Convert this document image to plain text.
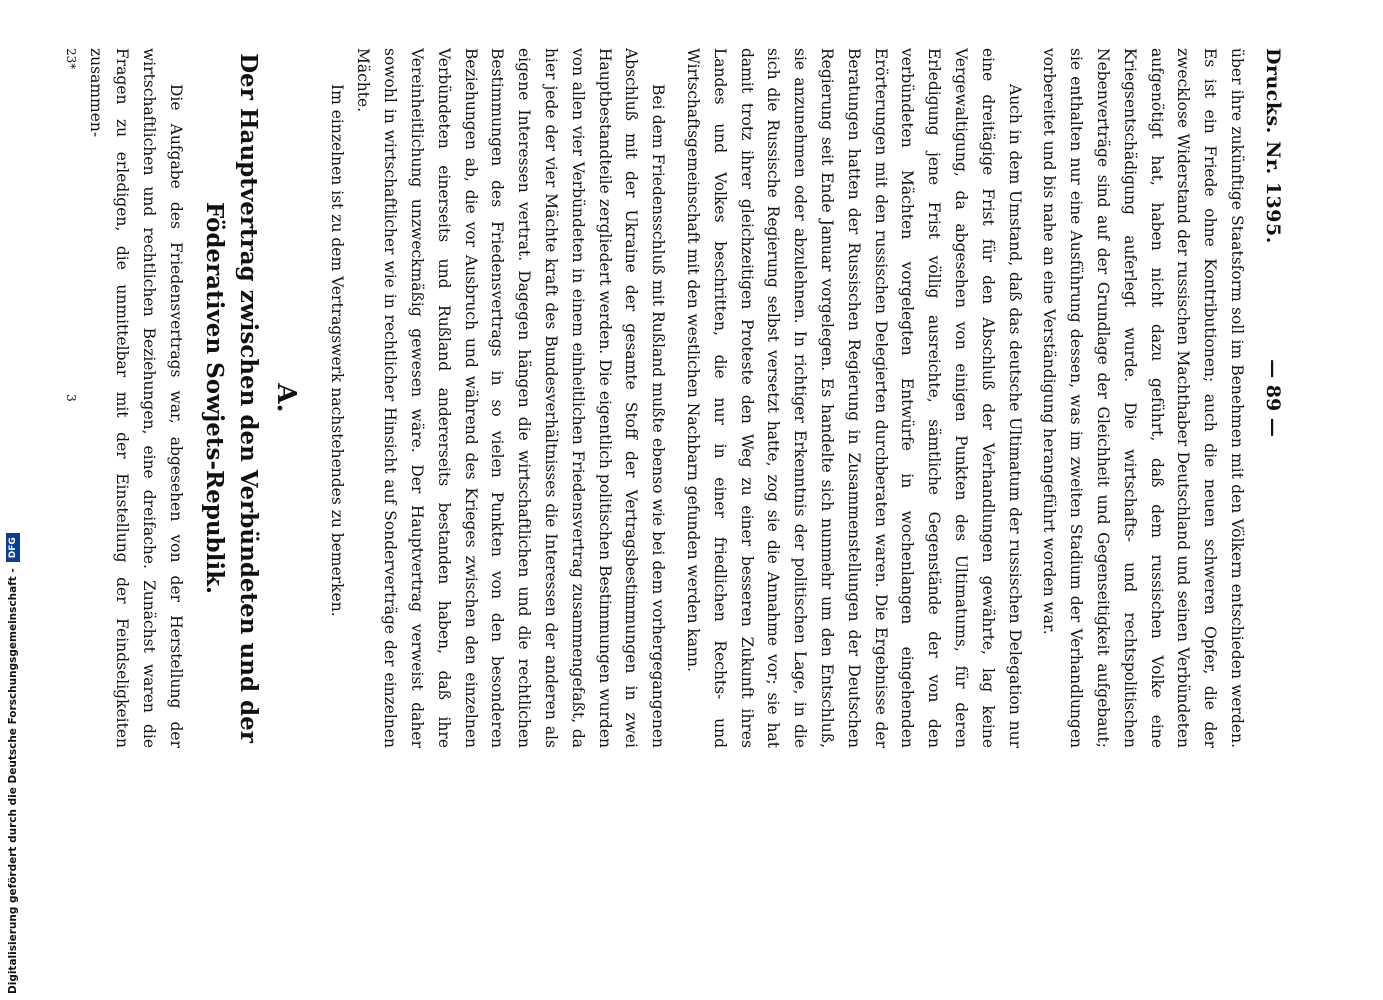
Drucks. Nr. 1395.
— 89 —

über ihre zukünftige Staatsform soll im Benehmen mit den Völkern entschieden werden. Es ist ein Friede ohne Kontributionen; auch die neuen schweren Opfer, die der zwecklose Widerstand der russischen Machthaber Deutschland und seinen Verbündeten aufgenötigt hat, haben nicht dazu geführt, daß dem russischen Volke eine Kriegsentschädigung auferlegt wurde. Die wirtschafts- und rechtspolitischen Nebenverträge sind auf der Grundlage der Gleichheit und Gegenseitigkeit aufgebaut; sie enthalten nur eine Ausführung dessen, was im zweiten Stadium der Verhandlungen vorbereitet und bis nahe an eine Verständigung herangeführt worden war.

Auch in dem Umstand, daß das deutsche Ultimatum der russischen Delegation nur eine dreitägige Frist für den Abschluß der Verhandlungen gewährte, lag keine Vergewaltigung, da abgesehen von einigen Punkten des Ultimatums, für deren Erledigung jene Frist völlig ausreichte, sämtliche Gegenstände der von den verbündeten Mächten vorgelegten Entwürfe in wochenlangen eingehenden Erörterungen mit den russischen Delegierten durchberaten waren. Die Ergebnisse der Beratungen hatten der Russischen Regierung in Zusammenstellungen der Deutschen Regierung seit Ende Januar vorgelegen. Es handelte sich nunmehr um den Entschluß, sie anzunehmen oder abzulehnen. In richtiger Erkenntnis der politischen Lage, in die sich die Russische Regierung selbst versetzt hatte, zog sie die Annahme vor; sie hat damit trotz ihrer gleichzeitigen Proteste den Weg zu einer besseren Zukunft ihres Landes und Volkes beschritten, die nur in einer friedlichen Rechts- und Wirtschaftsgemeinschaft mit den westlichen Nachbarn gefunden werden kann.

Bei dem Friedensschluß mit Rußland mußte ebenso wie bei dem vorhergegangenen Abschluß mit der Ukraine der gesamte Stoff der Vertragsbestimmungen in zwei Hauptbestandteile zergliedert werden. Die eigentlich politischen Bestimmungen wurden von allen vier Verbündeten in einem einheitlichen Friedensvertrag zusammengefaßt, da hier jede der vier Mächte kraft des Bundesverhältnisses die Interessen der anderen als eigene Interessen vertrat. Dagegen hängen die wirtschaftlichen und die rechtlichen Bestimmungen des Friedensvertrags in so vielen Punkten von den besonderen Beziehungen ab, die vor Ausbruch und während des Krieges zwischen den einzelnen Verbündeten einerseits und Rußland andererseits bestanden haben, daß ihre Vereinheitlichung unzweckmäßig gewesen wäre. Der Hauptvertrag verweist daher sowohl in wirtschaftlicher wie in rechtlicher Hinsicht auf Sonderverträge der einzelnen Mächte.

Im einzelnen ist zu dem Vertragswerk nachstehendes zu bemerken.

A.
Der Hauptvertrag zwischen den Verbündeten und der
Föderativen Sowjets-Republik.

Die Aufgabe des Friedensvertrags war, abgesehen von der Herstellung der wirtschaftlichen und rechtlichen Beziehungen, eine dreifache. Zunächst waren die Fragen zu erledigen, die unmittelbar mit der Einstellung der Feindseligkeiten zusammen-

23*
3
Digitalisierung gefördert durch die Deutsche Forschungsgemeinschaft -
DFG
